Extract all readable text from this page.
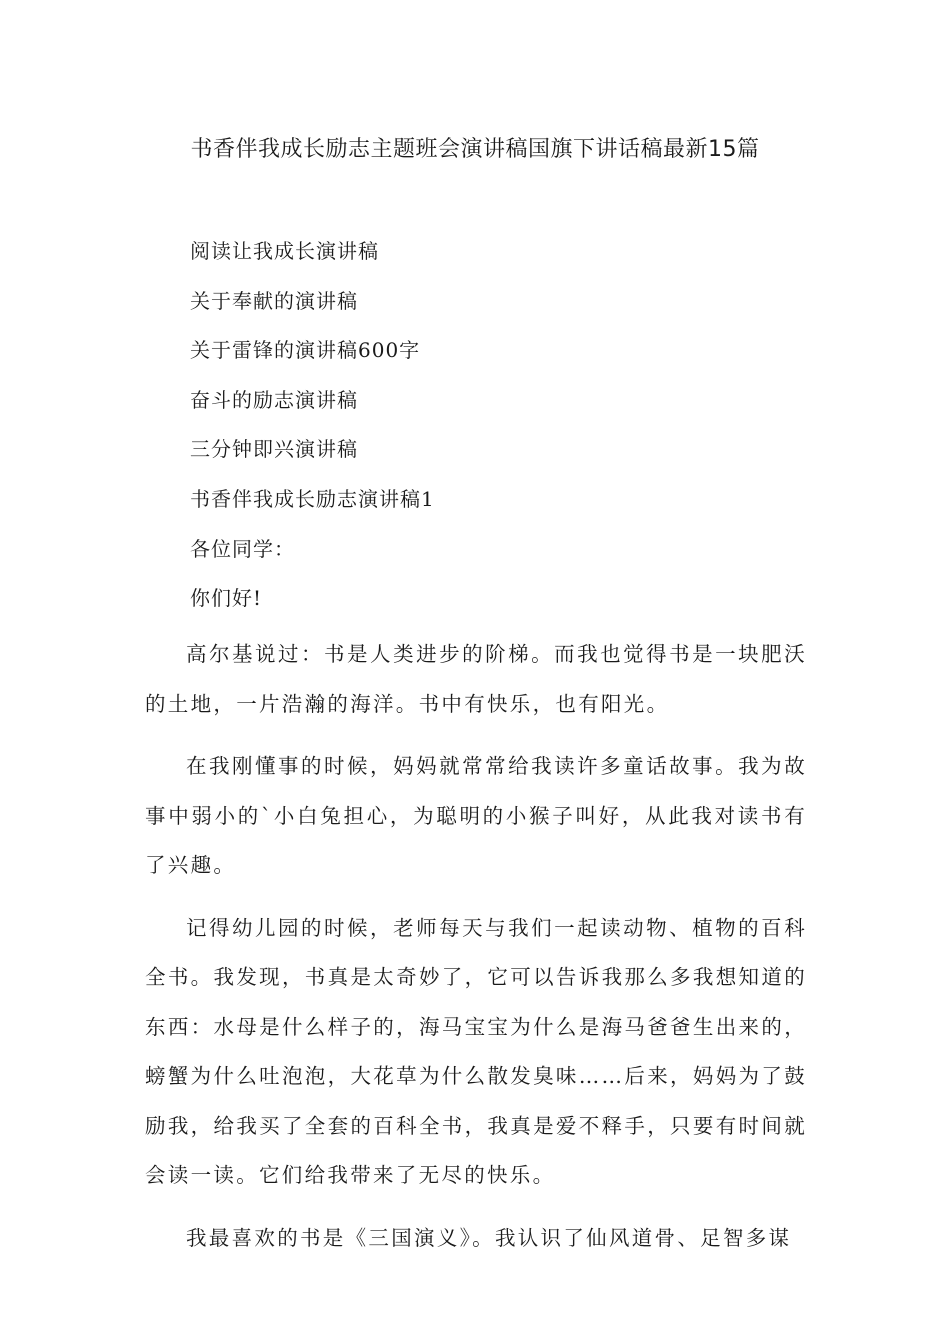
书香伴我成长励志主题班会演讲稿国旗下讲话稿最新15篇
阅读让我成长演讲稿
关于奉献的演讲稿
关于雷锋的演讲稿600字
奋斗的励志演讲稿
三分钟即兴演讲稿
书香伴我成长励志演讲稿1
各位同学：
你们好!

高尔基说过：书是人类进步的阶梯。而我也觉得书是一块肥沃的土地，一片浩瀚的海洋。书中有快乐，也有阳光。

在我刚懂事的时候，妈妈就常常给我读许多童话故事。我为故事中弱小的`小白兔担心，为聪明的小猴子叫好，从此我对读书有了兴趣。

记得幼儿园的时候，老师每天与我们一起读动物、植物的百科全书。我发现，书真是太奇妙了，它可以告诉我那么多我想知道的东西：水母是什么样子的，海马宝宝为什么是海马爸爸生出来的，螃蟹为什么吐泡泡，大花草为什么散发臭味……后来，妈妈为了鼓励我，给我买了全套的百科全书，我真是爱不释手，只要有时间就会读一读。它们给我带来了无尽的快乐。

我最喜欢的书是《三国演义》。我认识了仙风道骨、足智多谋
